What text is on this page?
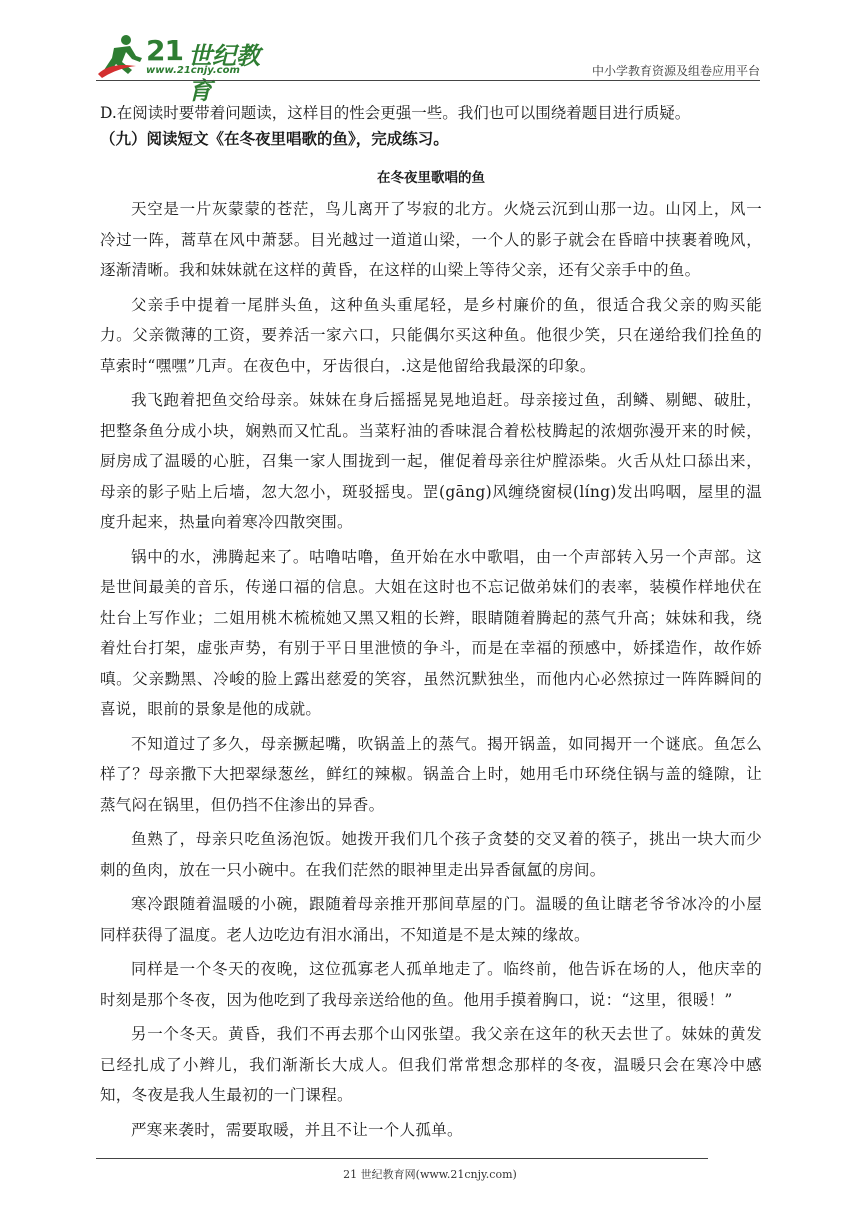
21 世纪教育
www.21cnjy.com	中小学教育资源及组卷应用平台

D.在阅读时要带着问题读，这样目的性会更强一些。我们也可以围绕着题目进行质疑。

（九）阅读短文《在冬夜里唱歌的鱼》，完成练习。

在冬夜里歌唱的鱼

天空是一片灰蒙蒙的苍茫，鸟儿离开了岑寂的北方。火烧云沉到山那一边。山冈上，风一冷过一阵，蒿草在风中萧瑟。目光越过一道道山梁，一个人的影子就会在昏暗中挟裹着晚风，逐渐清晰。我和妹妹就在这样的黄昏，在这样的山梁上等待父亲，还有父亲手中的鱼。

父亲手中提着一尾胖头鱼，这种鱼头重尾轻，是乡村廉价的鱼，很适合我父亲的购买能力。父亲微薄的工资，要养活一家六口，只能偶尔买这种鱼。他很少笑，只在递给我们拴鱼的草索时“嘿嘿”几声。在夜色中，牙齿很白，.这是他留给我最深的印象。

我飞跑着把鱼交给母亲。妹妹在身后摇摇晃晃地追赶。母亲接过鱼，刮鳞、剔鳃、破肚，把整条鱼分成小块，娴熟而又忙乱。当菜籽油的香味混合着松枝腾起的浓烟弥漫开来的时候，厨房成了温暖的心脏，召集一家人围拢到一起，催促着母亲往炉膛添柴。火舌从灶口舔出来，母亲的影子贴上后墙，忽大忽小，斑驳摇曳。罡(gāng)风缠绕窗棂(líng)发出呜咽，屋里的温度升起来，热量向着寒冷四散突围。

锅中的水，沸腾起来了。咕噜咕噜，鱼开始在水中歌唱，由一个声部转入另一个声部。这是世间最美的音乐，传递口福的信息。大姐在这时也不忘记做弟妹们的表率，装模作样地伏在灶台上写作业；二姐用桃木梳梳她又黑又粗的长辫，眼睛随着腾起的蒸气升高；妹妹和我，绕着灶台打架，虚张声势，有别于平日里泄愤的争斗，而是在幸福的预感中，娇揉造作，故作娇嗔。父亲黝黑、冷峻的脸上露出慈爱的笑容，虽然沉默独坐，而他内心必然掠过一阵阵瞬间的喜说，眼前的景象是他的成就。

不知道过了多久，母亲撅起嘴，吹锅盖上的蒸气。揭开锅盖，如同揭开一个谜底。鱼怎么样了？母亲撒下大把翠绿葱丝，鲜红的辣椒。锅盖合上时，她用毛巾环绕住锅与盖的缝隙，让蒸气闷在锅里，但仍挡不住渗出的异香。

鱼熟了，母亲只吃鱼汤泡饭。她拨开我们几个孩子贪婪的交叉着的筷子，挑出一块大而少刺的鱼肉，放在一只小碗中。在我们茫然的眼神里走出异香氤氲的房间。

寒冷跟随着温暖的小碗，跟随着母亲推开那间草屋的门。温暖的鱼让瞎老爷爷冰冷的小屋同样获得了温度。老人边吃边有泪水涌出，不知道是不是太辣的缘故。

同样是一个冬天的夜晚，这位孤寡老人孤单地走了。临终前，他告诉在场的人，他庆幸的时刻是那个冬夜，因为他吃到了我母亲送给他的鱼。他用手摸着胸口，说：“这里，很暖！”

另一个冬天。黄昏，我们不再去那个山冈张望。我父亲在这年的秋天去世了。妹妹的黄发已经扎成了小辫儿，我们渐渐长大成人。但我们常常想念那样的冬夜，温暖只会在寒冷中感知，冬夜是我人生最初的一门课程。

严寒来袭时，需要取暖，并且不让一个人孤单。

21 世纪教育网(www.21cnjy.com)
